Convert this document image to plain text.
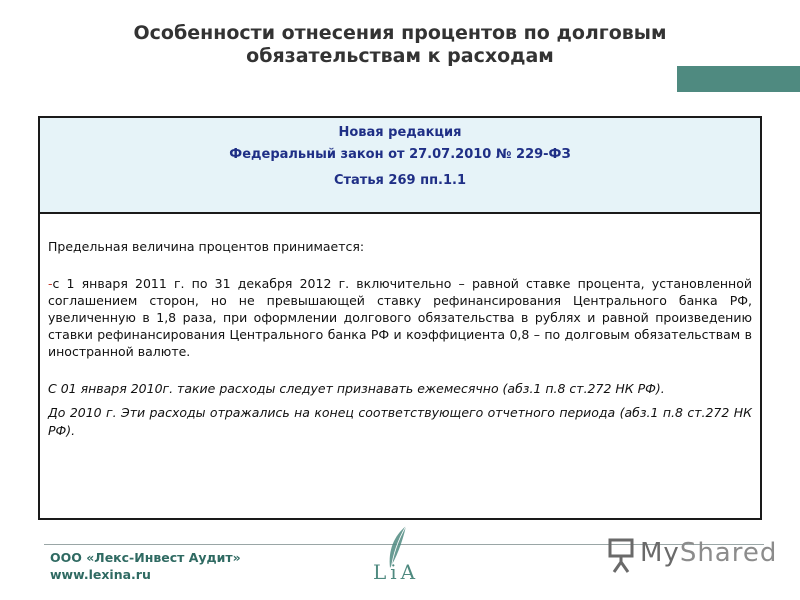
Особенности отнесения процентов по долговым
обязательствам к расходам
Новая редакция
Федеральный закон от 27.07.2010 № 229-ФЗ
Статья 269 пп.1.1

Предельная величина процентов принимается:

-с 1 января 2011 г. по 31 декабря 2012 г. включительно – равной ставке процента, установленной соглашением сторон, но не превышающей ставку рефинансирования Центрального банка РФ, увеличенную в 1,8 раза, при оформлении долгового обязательства в рублях и равной произведению ставки рефинансирования Центрального банка РФ и коэффициента 0,8 – по долговым обязательствам в иностранной валюте.

С 01 января 2010г. такие расходы следует признавать ежемесячно (абз.1 п.8 ст.272 НК РФ).

До 2010 г. Эти расходы отражались на конец соответствующего отчетного периода (абз.1 п.8 ст.272 НК РФ).

ООО «Лекс-Инвест Аудит»
www.lexina.ru	LiA
MyShared
